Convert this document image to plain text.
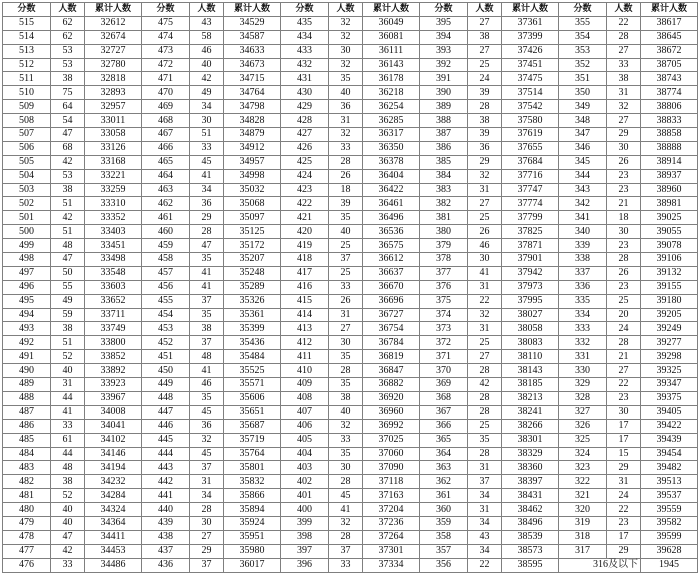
分数	人数	累计人数	分数	人数	累计人数	分数	人数	累计人数	分数	人数	累计人数	分数	人数	累计人数
515	62	32612	475	43	34529	435	32	36049	395	27	37361	355	22	38617
514	62	32674	474	58	34587	434	32	36081	394	38	37399	354	28	38645
513	53	32727	473	46	34633	433	30	36111	393	27	37426	353	27	38672
512	53	32780	472	40	34673	432	32	36143	392	25	37451	352	33	38705
511	38	32818	471	42	34715	431	35	36178	391	24	37475	351	38	38743
510	75	32893	470	49	34764	430	40	36218	390	39	37514	350	31	38774
509	64	32957	469	34	34798	429	36	36254	389	28	37542	349	32	38806
508	54	33011	468	30	34828	428	31	36285	388	38	37580	348	27	38833
507	47	33058	467	51	34879	427	32	36317	387	39	37619	347	29	38858
506	68	33126	466	33	34912	426	33	36350	386	36	37655	346	30	38888
505	42	33168	465	45	34957	425	28	36378	385	29	37684	345	26	38914
504	53	33221	464	41	34998	424	26	36404	384	32	37716	344	23	38937
503	38	33259	463	34	35032	423	18	36422	383	31	37747	343	23	38960
502	51	33310	462	36	35068	422	39	36461	382	27	37774	342	21	38981
501	42	33352	461	29	35097	421	35	36496	381	25	37799	341	18	39025
500	51	33403	460	28	35125	420	40	36536	380	26	37825	340	30	39055
499	48	33451	459	47	35172	419	25	36575	379	46	37871	339	23	39078
498	47	33498	458	35	35207	418	37	36612	378	30	37901	338	28	39106
497	50	33548	457	41	35248	417	25	36637	377	41	37942	337	26	39132
496	55	33603	456	41	35289	416	33	36670	376	31	37973	336	23	39155
495	49	33652	455	37	35326	415	26	36696	375	22	37995	335	25	39180
494	59	33711	454	35	35361	414	31	36727	374	32	38027	334	20	39205
493	38	33749	453	38	35399	413	27	36754	373	31	38058	333	24	39249
492	51	33800	452	37	35436	412	30	36784	372	25	38083	332	28	39277
491	52	33852	451	48	35484	411	35	36819	371	27	38110	331	21	39298
490	40	33892	450	41	35525	410	28	36847	370	28	38143	330	27	39325
489	31	33923	449	46	35571	409	35	36882	369	42	38185	329	22	39347
488	44	33967	448	35	35606	408	38	36920	368	28	38213	328	23	39375
487	41	34008	447	45	35651	407	40	36960	367	28	38241	327	30	39405
486	33	34041	446	36	35687	406	32	36992	366	25	38266	326	17	39422
485	61	34102	445	32	35719	405	33	37025	365	35	38301	325	17	39439
484	44	34146	444	45	35764	404	35	37060	364	28	38329	324	15	39454
483	48	34194	443	37	35801	403	30	37090	363	31	38360	323	29	39482
482	38	34232	442	31	35832	402	28	37118	362	37	38397	322	31	39513
481	52	34284	441	34	35866	401	45	37163	361	34	38431	321	24	39537
480	40	34324	440	28	35894	400	41	37204	360	31	38462	320	22	39559
479	40	34364	439	30	35924	399	32	37236	359	34	38496	319	23	39582
478	47	34411	438	27	35951	398	28	37264	358	43	38539	318	17	39599
477	42	34453	437	29	35980	397	37	37301	357	34	38573	317	29	39628
476	33	34486	436	37	36017	396	33	37334	356	22	38595	316及以下		1945
